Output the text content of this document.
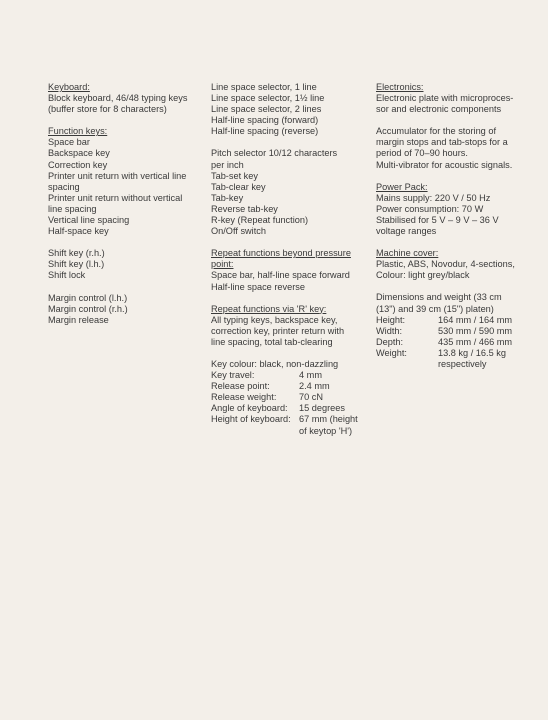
Keyboard:
Block keyboard, 46/48 typing keys
(buffer store for 8 characters)
Function keys:
Space bar
Backspace key
Correction key
Printer unit return with vertical line
spacing
Printer unit return without vertical
line spacing
Vertical line spacing
Half-space key
Shift key (r.h.)
Shift key (l.h.)
Shift lock
Margin control (l.h.)
Margin control (r.h.)
Margin release
Line space selector, 1 line
Line space selector, 1½ line
Line space selector, 2 lines
Half-line spacing (forward)
Half-line spacing (reverse)
Pitch selector 10/12 characters
per inch
Tab-set key
Tab-clear key
Tab-key
Reverse tab-key
R-key (Repeat function)
On/Off switch
Repeat functions beyond pressure
point:
Space bar, half-line space forward
Half-line space reverse
Repeat functions via 'R' key:
All typing keys, backspace key,
correction key, printer return with
line spacing, total tab-clearing
Key colour: black, non-dazzling
Key travel:	4 mm
Release point:	2.4 mm
Release weight:	70 cN
Angle of keyboard:	15 degrees
Height of keyboard: 67 mm (height
of keytop 'H')
Electronics:
Electronic plate with microproces-
sor and electronic components
Accumulator for the storing of
margin stops and tab-stops for a
period of 70–90 hours.
Multi-vibrator for acoustic signals.
Power Pack:
Mains supply: 220 V / 50 Hz
Power consumption: 70 W
Stabilised for 5 V – 9 V – 36 V
voltage ranges
Machine cover:
Plastic, ABS, Novodur, 4-sections,
Colour: light grey/black
Dimensions and weight (33 cm
(13") and 39 cm (15") platen)
Height:	164 mm / 164 mm
Width:	530 mm / 590 mm
Depth:	435 mm / 466 mm
Weight:	13.8 kg / 16.5 kg
respectively
